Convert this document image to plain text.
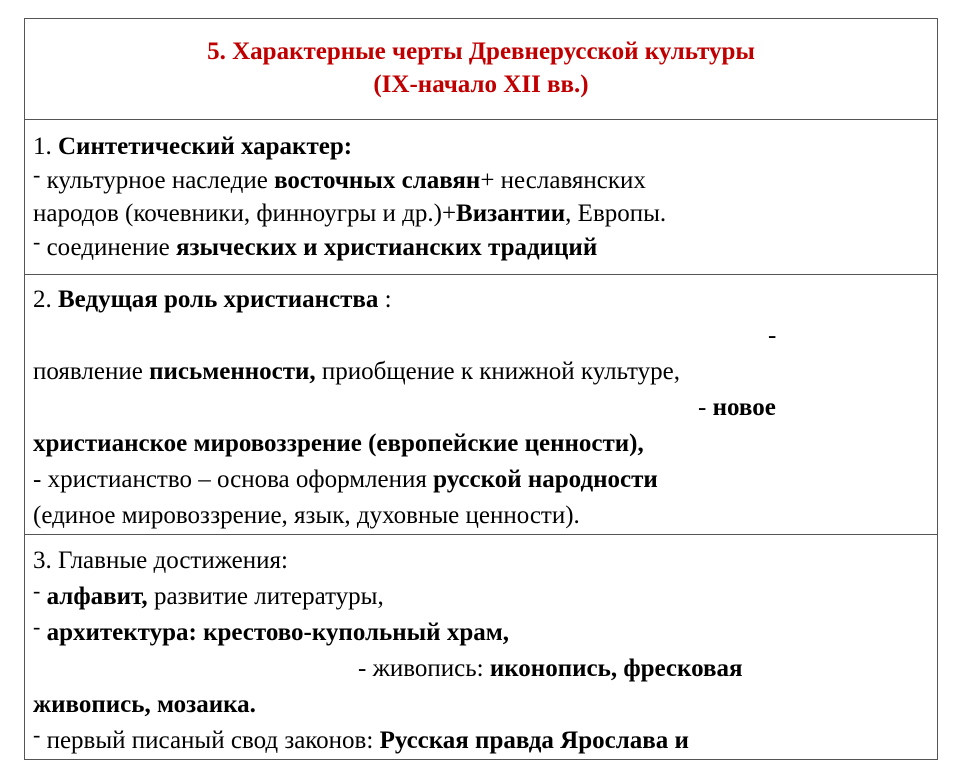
5. Характерные черты Древнерусской культуры
(IX-начало XII вв.)

1. Синтетический характер:
- культурное наследие восточных славян+ неславянских
народов (кочевники, финноугры и др.)+Византии, Европы.
- соединение языческих и христианских традиций

2. Ведущая роль христианства :
-
появление письменности, приобщение к книжной культуре,
- новое
христианское мировоззрение (европейские ценности),
- христианство – основа оформления русской народности
(единое мировоззрение, язык, духовные ценности).

3. Главные достижения:
- алфавит, развитие литературы,
- архитектура: крестово-купольный храм,
- живопись: иконопись, фресковая
живопись, мозаика.
- первый писаный свод законов: Русская правда Ярослава и
